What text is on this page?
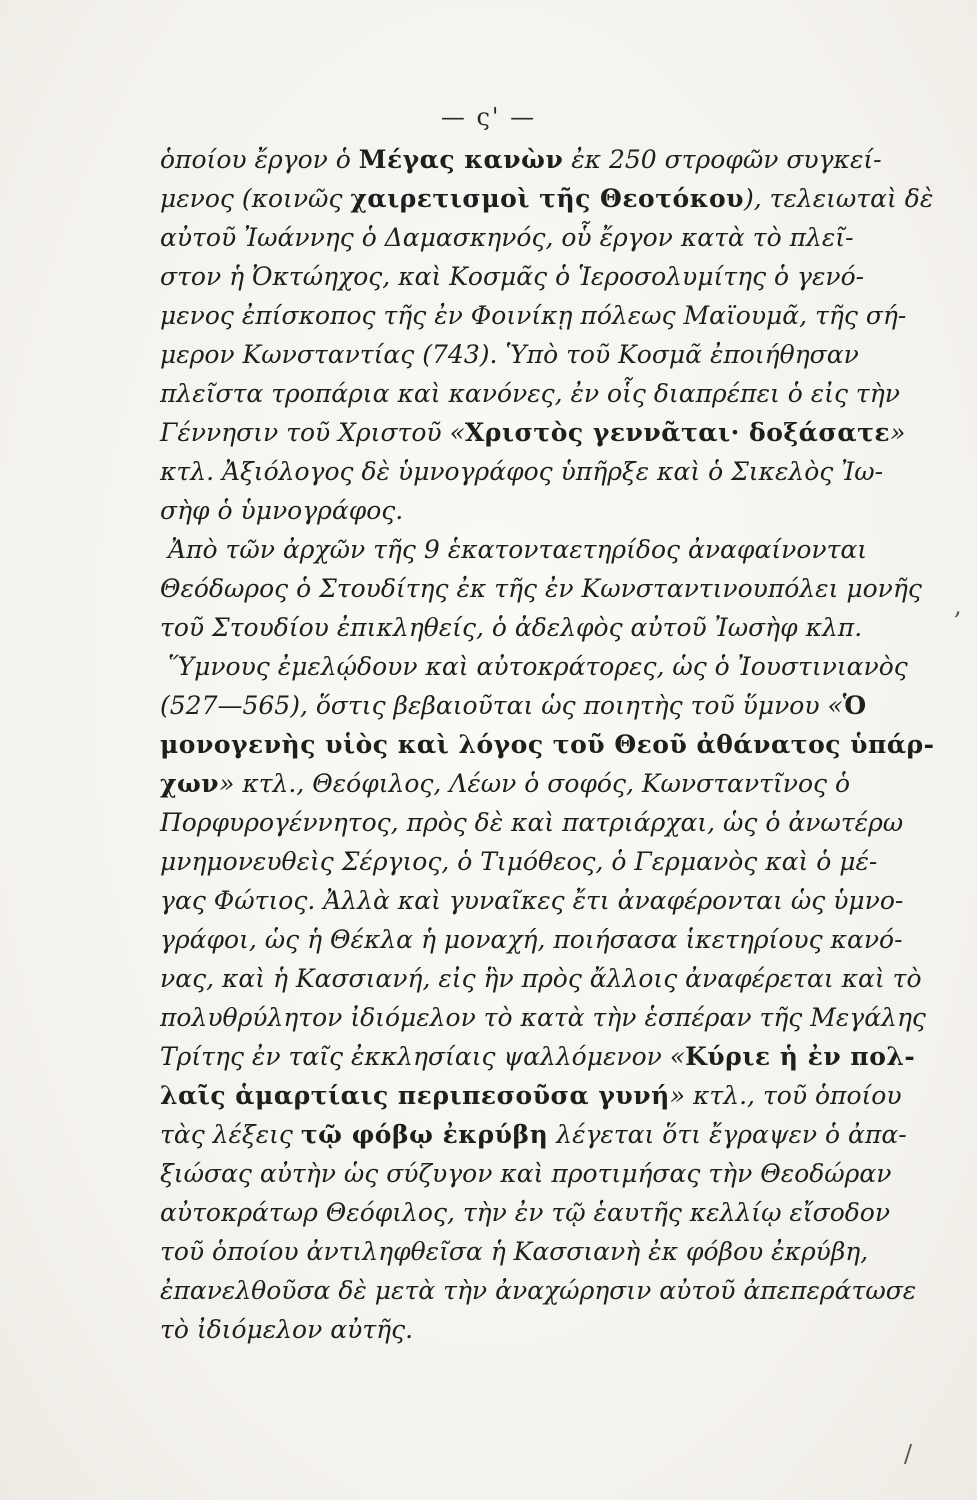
— ς' —
ὁποίου ἔργον ὁ Μέγας κανὼν ἐκ 250 στροφῶν συγκεί-
μενος (κοινῶς χαιρετισμοὶ τῆς Θεοτόκου), τελειωταὶ δὲ
αὐτοῦ Ἰωάννης ὁ Δαμασκηνός, οὗ ἔργον κατὰ τὸ πλεῖ-
στον ἡ Ὀκτώηχος, καὶ Κοσμᾶς ὁ Ἱεροσολυμίτης ὁ γενό-
μενος ἐπίσκοπος τῆς ἐν Φοινίκῃ πόλεως Μαϊουμᾶ, τῆς σή-
μερον Κωνσταντίας (743). Ὑπὸ τοῦ Κοσμᾶ ἐποιήθησαν
πλεῖστα τροπάρια καὶ κανόνες, ἐν οἷς διαπρέπει ὁ εἰς τὴν
Γέννησιν τοῦ Χριστοῦ «Χριστὸς γεννᾶται· δοξάσατε»
κτλ. Ἀξιόλογος δὲ ὑμνογράφος ὑπῆρξε καὶ ὁ Σικελὸς Ἰω-
σὴφ ὁ ὑμνογράφος.
Ἀπὸ τῶν ἀρχῶν τῆς 9 ἑκατονταετηρίδος ἀναφαίνονται
Θεόδωρος ὁ Στουδίτης ἐκ τῆς ἐν Κωνσταντινουπόλει μονῆς
τοῦ Στουδίου ἐπικληθείς, ὁ ἀδελφὸς αὐτοῦ Ἰωσὴφ κλπ.
Ὕμνους ἐμελῴδουν καὶ αὐτοκράτορες, ὡς ὁ Ἰουστινιανὸς
(527—565), ὅστις βεβαιοῦται ὡς ποιητὴς τοῦ ὕμνου «Ὁ
μονογενὴς υἱὸς καὶ λόγος τοῦ Θεοῦ ἀθάνατος ὑπάρ-
χων» κτλ., Θεόφιλος, Λέων ὁ σοφός, Κωνσταντῖνος ὁ
Πορφυρογέννητος, πρὸς δὲ καὶ πατριάρχαι, ὡς ὁ ἀνωτέρω
μνημονευθεὶς Σέργιος, ὁ Τιμόθεος, ὁ Γερμανὸς καὶ ὁ μέ-
γας Φώτιος. Ἀλλὰ καὶ γυναῖκες ἔτι ἀναφέρονται ὡς ὑμνο-
γράφοι, ὡς ἡ Θέκλα ἡ μοναχή, ποιήσασα ἱκετηρίους κανό-
νας, καὶ ἡ Κασσιανή, εἰς ἣν πρὸς ἄλλοις ἀναφέρεται καὶ τὸ
πολυθρύλητον ἰδιόμελον τὸ κατὰ τὴν ἑσπέραν τῆς Μεγάλης
Τρίτης ἐν ταῖς ἐκκλησίαις ψαλλόμενον «Κύριε ἡ ἐν πολ-
λαῖς ἁμαρτίαις περιπεσοῦσα γυνή» κτλ., τοῦ ὁποίου
τὰς λέξεις τῷ φόβῳ ἐκρύβη λέγεται ὅτι ἔγραψεν ὁ ἀπα-
ξιώσας αὐτὴν ὡς σύζυγον καὶ προτιμήσας τὴν Θεοδώραν
αὐτοκράτωρ Θεόφιλος, τὴν ἐν τῷ ἑαυτῆς κελλίῳ εἴσοδον
τοῦ ὁποίου ἀντιληφθεῖσα ἡ Κασσιανὴ ἐκ φόβου ἐκρύβη,
ἐπανελθοῦσα δὲ μετὰ τὴν ἀναχώρησιν αὐτοῦ ἀπεπεράτωσε
τὸ ἰδιόμελον αὐτῆς.
,
/
